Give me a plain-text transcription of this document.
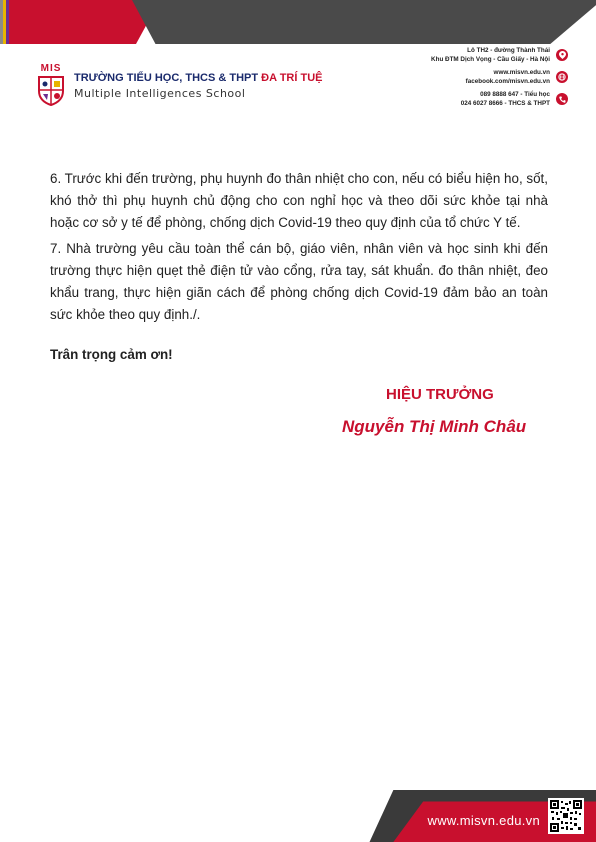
MIS
TRƯỜNG TIỂU HỌC, THCS & THPT ĐA TRÍ TUỆ
Multiple Intelligences School
Lô TH2 - đường Thành Thái
Khu ĐTM Dịch Vọng - Cầu Giấy - Hà Nội
www.misvn.edu.vn
facebook.com/misvn.edu.vn
089 8888 647 - Tiểu học
024 6027 8666 - THCS & THPT

6. Trước khi đến trường, phụ huynh đo thân nhiệt cho con, nếu có biểu hiện ho, sốt, khó thở thì phụ huynh chủ động cho con nghỉ học và theo dõi sức khỏe tại nhà hoặc cơ sở y tế để phòng, chống dịch Covid-19 theo quy định của tổ chức Y tế.

7. Nhà trường yêu cầu toàn thể cán bộ, giáo viên, nhân viên và học sinh khi đến trường thực hiện quẹt thẻ điện tử vào cổng, rửa tay, sát khuẩn. đo thân nhiệt, đeo khẩu trang, thực hiện giãn cách để phòng chống dịch Covid-19 đảm bảo an toàn sức khỏe theo quy định./.

Trân trọng cảm ơn!
HIỆU TRƯỞNG
Nguyễn Thị Minh Châu
www.misvn.edu.vn
